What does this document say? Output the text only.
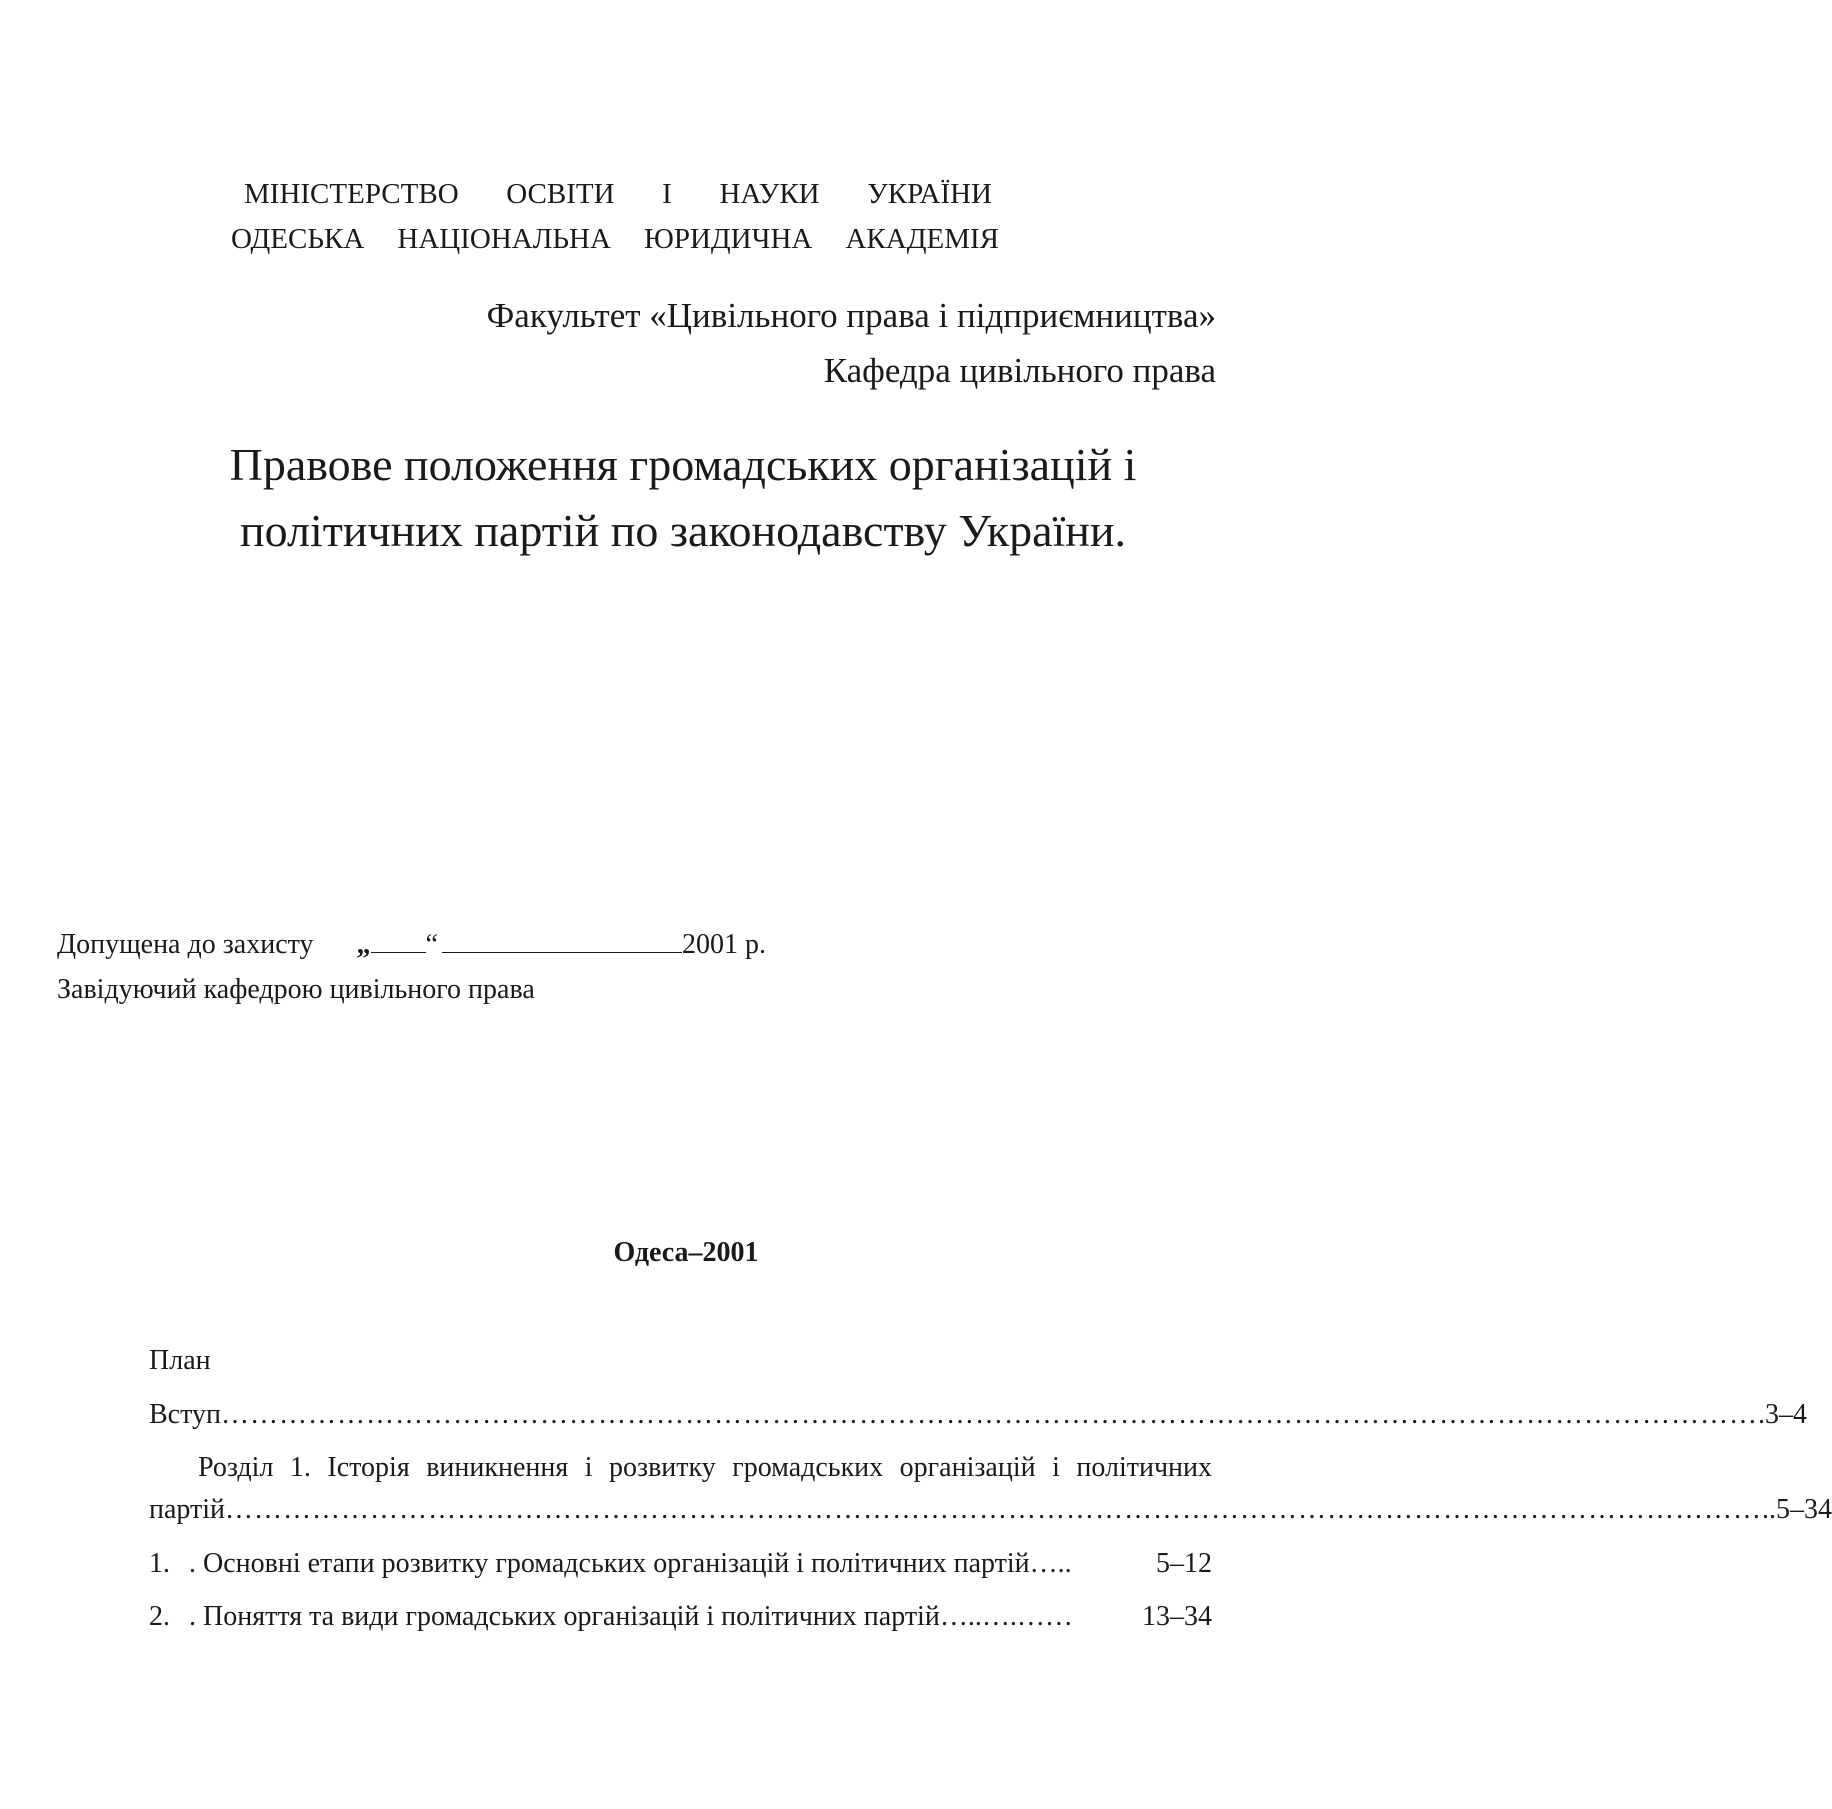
МІНІСТЕРСТВО ОСВІТИ І НАУКИ УКРАЇНИ
ОДЕСЬКА НАЦІОНАЛЬНА ЮРИДИЧНА АКАДЕМІЯ
Факультет «Цивільного права і підприємництва»
Кафедра цивільного права
Правове положення громадських організацій і
політичних партій по законодавству України.
Допущена до захисту „ “	2001 р.
Завідуючий кафедрою цивільного права
Одеса–2001
План
Вступ …………………………………………………………………………………………………………………………………………… .3–4
Розділ 1. Історія виникнення і розвитку громадських організацій і політичних
партій …………………………………………………………………………………………………………………………………………… ..5–34
1. . Основні етапи розвитку громадських організацій і політичних партій…..	5–12
2. . Поняття та види громадських організацій і політичних партій…..….…… 13–34
